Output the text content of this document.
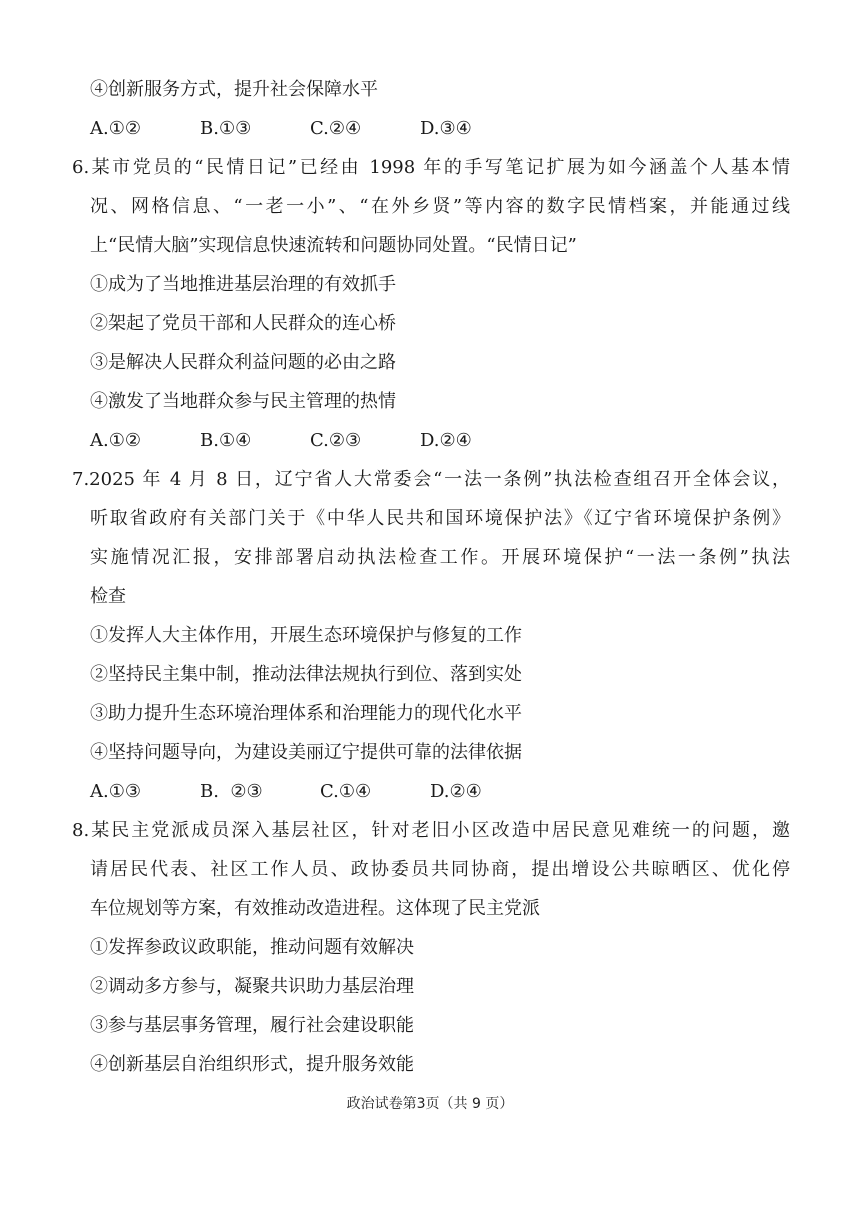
④创新服务方式，提升社会保障水平
A.①②	B.①③	C.②④	D.③④
6.某市党员的“民情日记”已经由 1998 年的手写笔记扩展为如今涵盖个人基本情
况、网格信息、“一老一小”、“在外乡贤”等内容的数字民情档案，并能通过线
上“民情大脑”实现信息快速流转和问题协同处置。“民情日记”
①成为了当地推进基层治理的有效抓手
②架起了党员干部和人民群众的连心桥
③是解决人民群众利益问题的必由之路
④激发了当地群众参与民主管理的热情
A.①②	B.①④	C.②③	D.②④
7.2025 年 4 月 8 日，辽宁省人大常委会“一法一条例”执法检查组召开全体会议，
听取省政府有关部门关于《中华人民共和国环境保护法》《辽宁省环境保护条例》
实施情况汇报，安排部署启动执法检查工作。开展环境保护“一法一条例”执法
检查
①发挥人大主体作用，开展生态环境保护与修复的工作
②坚持民主集中制，推动法律法规执行到位、落到实处
③助力提升生态环境治理体系和治理能力的现代化水平
④坚持问题导向，为建设美丽辽宁提供可靠的法律依据
A.①③	B.  ②③	C.①④	D.②④
8.某民主党派成员深入基层社区，针对老旧小区改造中居民意见难统一的问题，邀
请居民代表、社区工作人员、政协委员共同协商，提出增设公共晾晒区、优化停
车位规划等方案，有效推动改造进程。这体现了民主党派
①发挥参政议政职能，推动问题有效解决
②调动多方参与，凝聚共识助力基层治理
③参与基层事务管理，履行社会建设职能
④创新基层自治组织形式，提升服务效能
政治试卷第3页（共 9 页）
